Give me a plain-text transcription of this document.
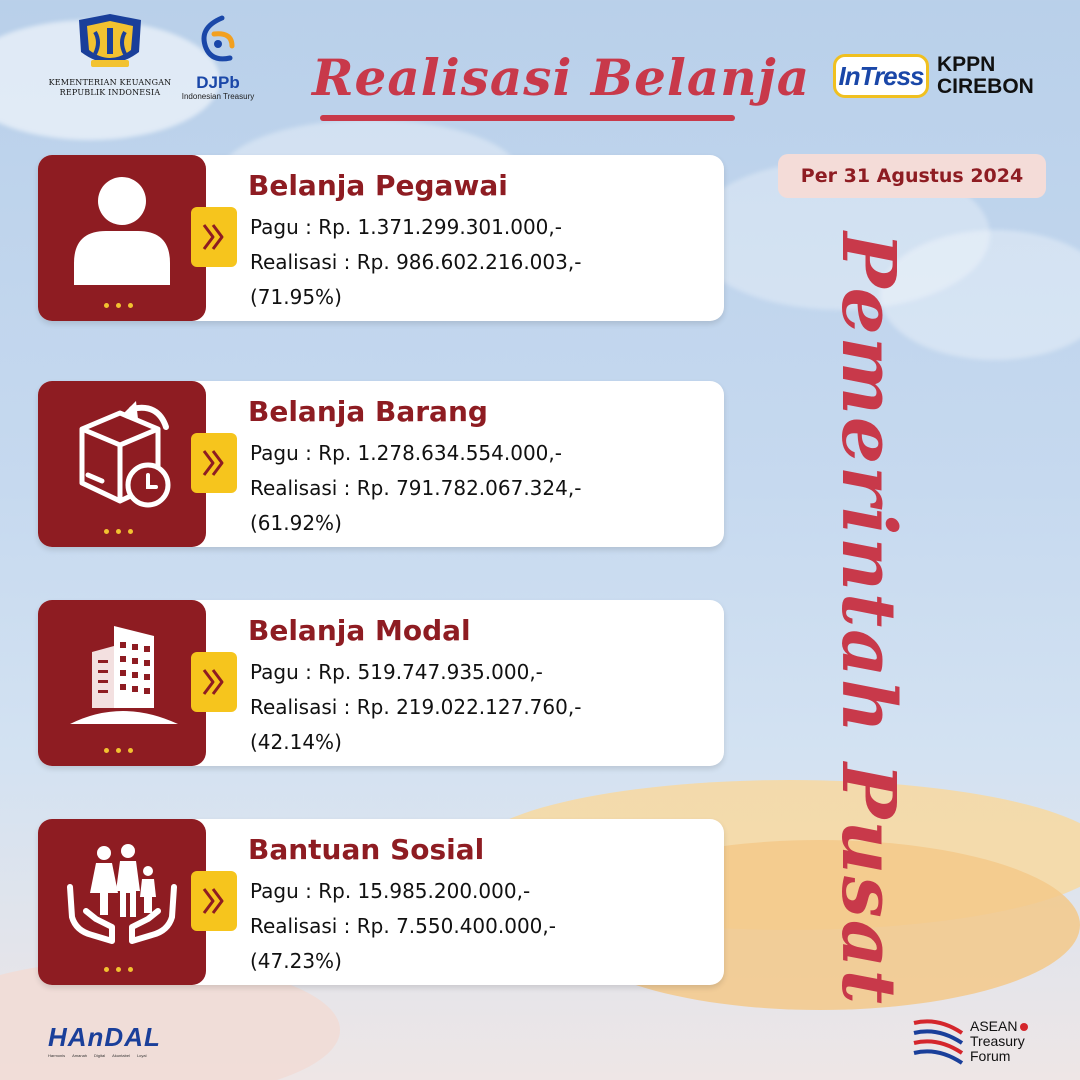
KEMENTERIAN KEUANGAN
REPUBLIK INDONESIA
DJPb
Indonesian Treasury Realisasi Belanja InTress KPPN
CIREBON
Per 31 Agustus 2024
Pemerintah Pusat
Belanja Pegawai
Pagu : Rp. 1.371.299.301.000,-
Realisasi : Rp. 986.602.216.003,-
(71.95%)
Belanja Barang
Pagu : Rp. 1.278.634.554.000,-
Realisasi : Rp. 791.782.067.324,-
(61.92%)
Belanja Modal
Pagu : Rp. 519.747.935.000,-
Realisasi : Rp. 219.022.127.760,-
(42.14%)
Bantuan Sosial
Pagu : Rp. 15.985.200.000,-
Realisasi : Rp. 7.550.400.000,-
(47.23%)
HAnDAL
Harmonis Amanah Digital Akuntabel Loyal
ASEAN
Treasury
Forum
